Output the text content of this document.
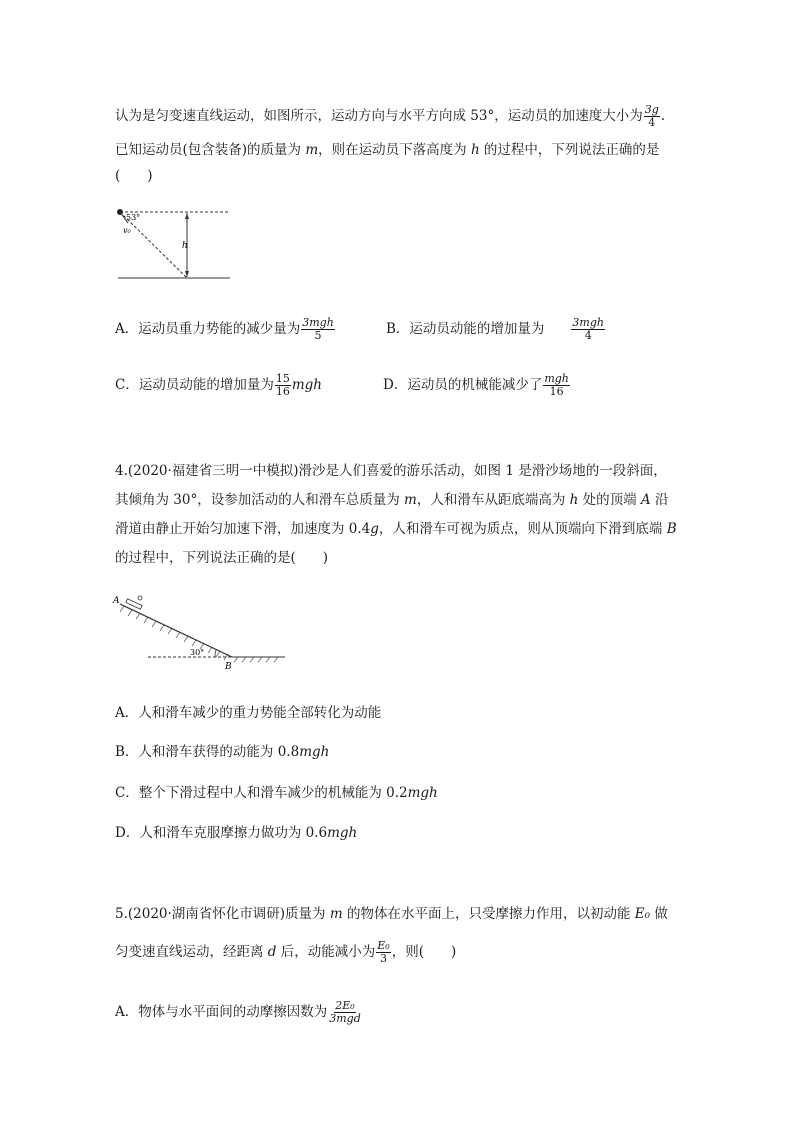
认为是匀变速直线运动，如图所示，运动方向与水平方向成 53°，运动员的加速度大小为 $\frac{3g}{4}$ .
已知运动员(包含装备)的质量为 m，则在运动员下落高度为 h 的过程中，下列说法正确的是
(　　)
53°
v₀
h
A．运动员重力势能的减少量为 $\frac{\text{3mgh}}{5}$	B．运动员动能的增加量为 $\frac{\text{3mgh}}{4}$
C．运动员动能的增加量为 $\frac{15}{16}$ mgh	D．运动员的机械能减少了 $\frac{\text{mgh}}{16}$
4.(2020·福建省三明一中模拟)滑沙是人们喜爱的游乐活动，如图 1 是滑沙场地的一段斜面，
其倾角为 30°，设参加活动的人和滑车总质量为 m，人和滑车从距底端高为 h 处的顶端 A 沿
滑道由静止开始匀加速下滑，加速度为 0.4g，人和滑车可视为质点，则从顶端向下滑到底端 B
的过程中，下列说法正确的是(　　)
A
B
30°
A．人和滑车减少的重力势能全部转化为动能
B．人和滑车获得的动能为 0.8mgh
C．整个下滑过程中人和滑车减少的机械能为 0.2mgh
D．人和滑车克服摩擦力做功为 0.6mgh
5.(2020·湖南省怀化市调研)质量为 m 的物体在水平面上，只受摩擦力作用，以初动能 E₀ 做
匀变速直线运动，经距离 d 后，动能减小为 $\frac{\text{E₀}}{3}$ ，则(　　)
A．物体与水平面间的动摩擦因数为 $\frac{\text{2E₀}}{\text{3mgd}}$
